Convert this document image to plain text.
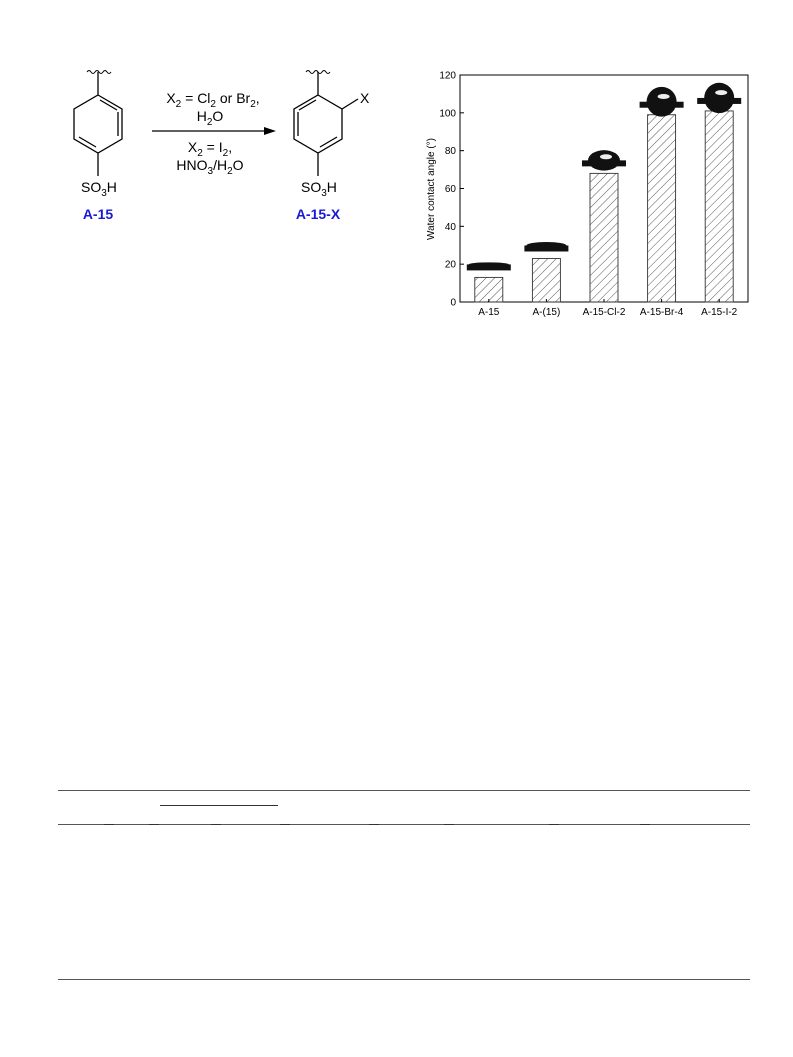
$SO_3H$
A-15
$X_2 = Cl_2$ or $Br_2$,
$H_2O$
$X_2 = I_2$,
$HNO_3/H_2O$
X
$SO_3H$
A-15-X
0
20
40
60
80
100
120
A-15	A-(15) A-15-Cl-2 A-15-Br-4 A-15-I-2
Water contact angle (°)
